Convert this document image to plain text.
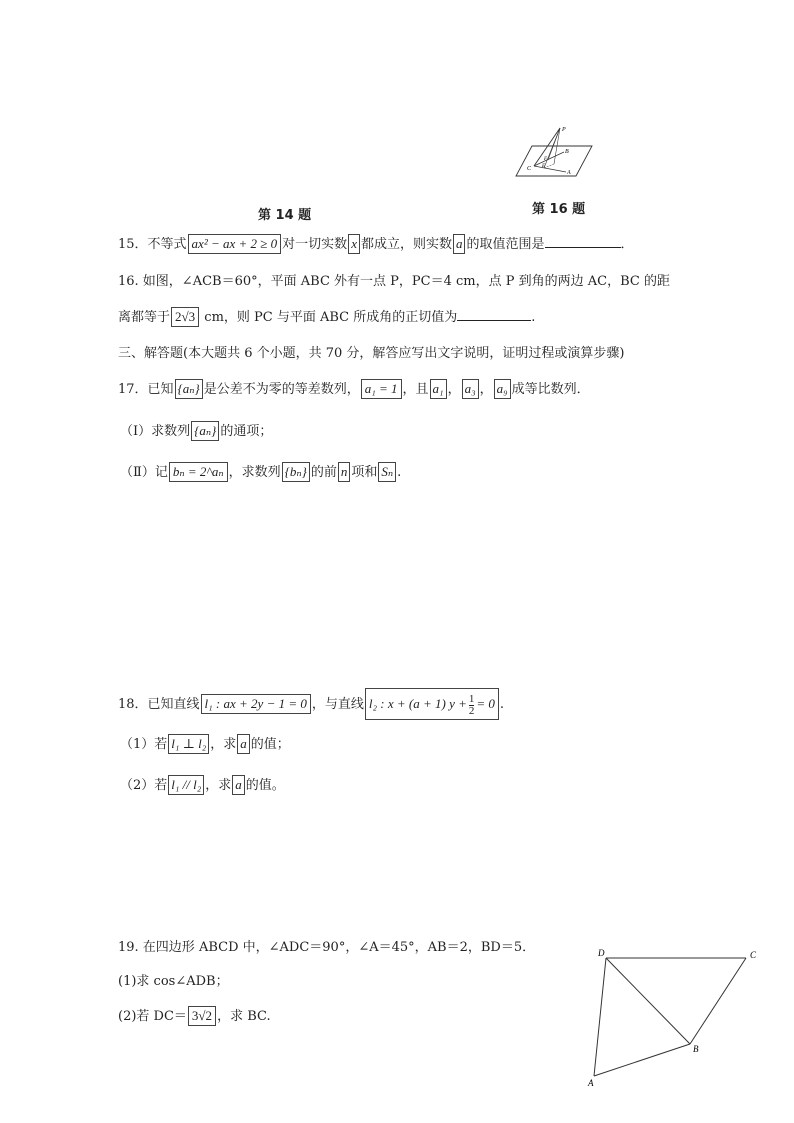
P
B
C
A
E
F
第 14 题	第 16 题
15．不等式 ax² − ax + 2 ≥ 0 对一切实数 x 都成立，则实数 a 的取值范围是	．
16. 如图，∠ACB＝60°，平面 ABC 外有一点 P，PC＝4 cm，点 P 到角的两边 AC，BC 的距
离都等于 2√3 cm，则 PC 与平面 ABC 所成角的正切值为	.
三、解答题(本大题共 6 个小题，共 70 分，解答应写出文字说明，证明过程或演算步骤)
17．已知 {aₙ} 是公差不为零的等差数列， a₁ = 1 ，且 a₁ ， a₃ ， a₉ 成等比数列．
（Ⅰ）求数列 {aₙ} 的通项；
（Ⅱ）记 bₙ = 2^aₙ ，求数列 {bₙ} 的前 n 项和 Sₙ .
18．已知直线 l₁ : ax + 2y − 1 = 0 ，与直线 l₂ : x + (a + 1) $y + \frac{1}{2} = 0$ .
（1）若 l₁ ⊥ l₂ ，求 a 的值；
（2）若 l₁ // l₂ ，求 a 的值。
19. 在四边形 ABCD 中，∠ADC＝90°，∠A＝45°，AB＝2，BD＝5．
(1)求 cos∠ADB；
(2)若 DC＝ 3√2 ，求 BC.
D	C
B
A
